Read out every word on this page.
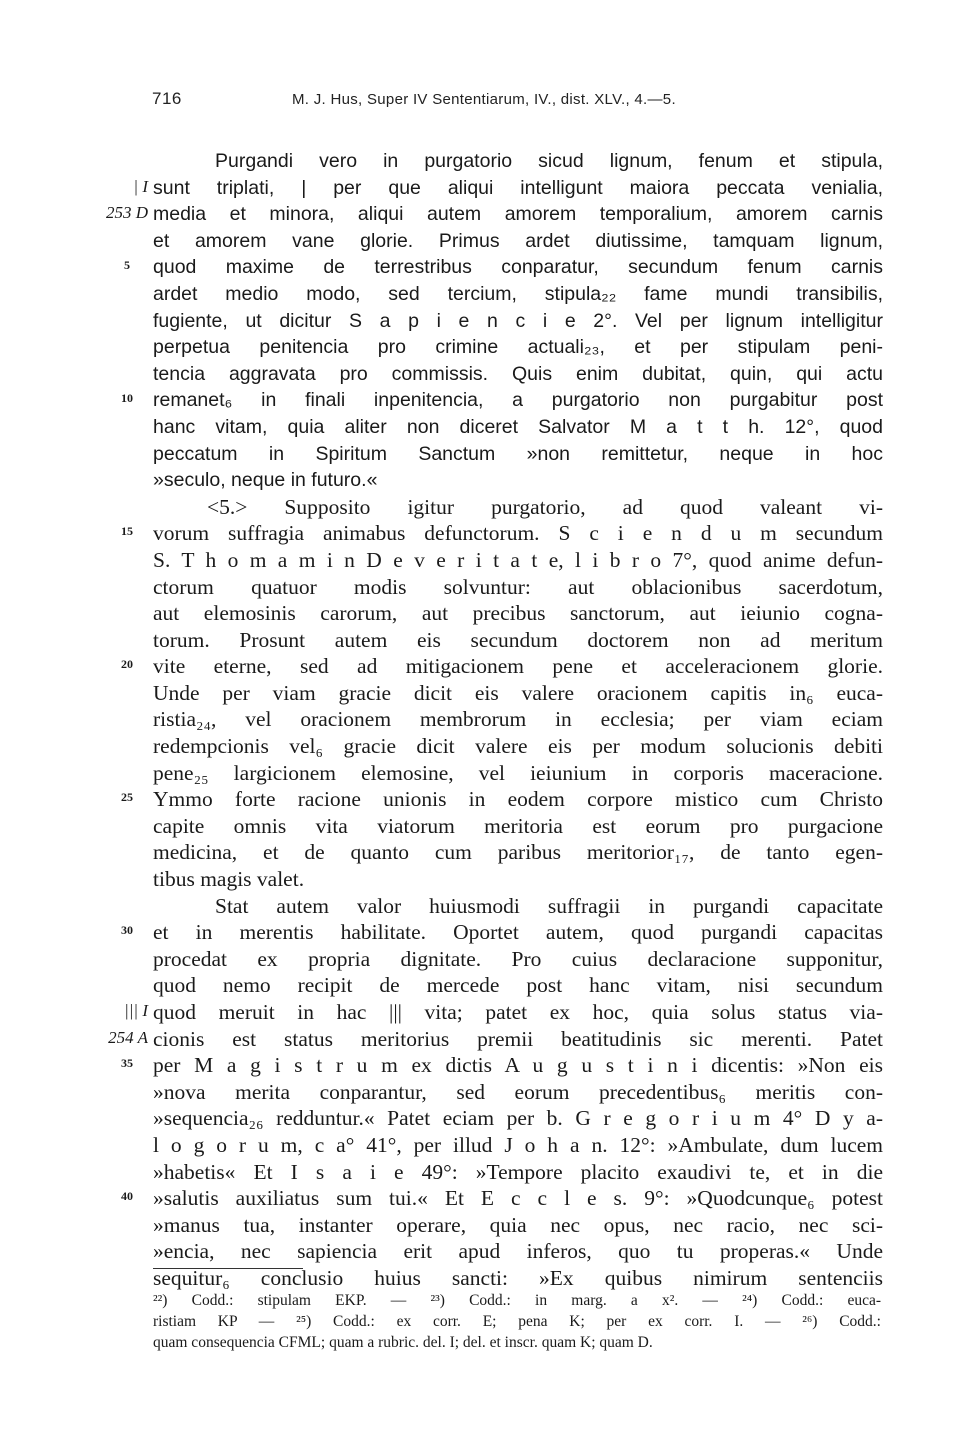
716	M. J. Hus, Super IV Sententiarum, IV., dist. XLV., 4.—5.
Purgandi vero in purgatorio sicud lignum, fenum et stipula,
| I sunt triplati, | per que aliqui intelligunt maiora peccata venialia,
253 D media et minora, aliqui autem amorem temporalium, amorem carnis
et amorem vane glorie. Primus ardet diutissime, tamquam lignum,
5	quod maxime de terrestribus conparatur, secundum fenum carnis
ardet medio modo, sed tercium, stipula₂₂ fame mundi transibilis,
fugiente, ut dicitur S a p i e n c i e 2°. Vel per lignum intelligitur
perpetua penitencia pro crimine actuali₂₃, et per stipulam peni-
tencia aggravata pro commissis. Quis enim dubitat, quin, qui actu
10	remanet₆ in finali inpenitencia, a purgatorio non purgabitur post
hanc vitam, quia aliter non diceret Salvator M a t t h. 12°, quod
peccatum in Spiritum Sanctum »non remittetur, neque in hoc
»seculo, neque in futuro.«
<5.> Supposito igitur purgatorio, ad quod valeant vi-
15 vorum suffragia animabus defunctorum. S c i e n d u m secundum
S. T h o m a m i n D e v e r i t a t e, l i b r o 7°, quod anime defun-
ctorum quatuor modis solvuntur: aut oblacionibus sacerdotum,
aut elemosinis carorum, aut precibus sanctorum, aut ieiunio cogna-
torum. Prosunt autem eis secundum doctorem non ad meritum
20 vite eterne, sed ad mitigacionem pene et acceleracionem glorie.
Unde per viam gracie dicit eis valere oracionem capitis in₆ euca-
ristia₂₄, vel oracionem membrorum in ecclesia; per viam eciam
redempcionis vel₆ gracie dicit valere eis per modum solucionis debiti
pene₂₅ largicionem elemosine, vel ieiunium in corporis maceracione.
25 Ymmo forte racione unionis in eodem corpore mistico cum Christo
capite omnis vita viatorum meritoria est eorum pro purgacione
medicina, et de quanto cum paribus meritorior₁₇, de tanto egen-
tibus magis valet.
Stat autem valor huiusmodi suffragii in purgandi capacitate
30 et in merentis habilitate. Oportet autem, quod purgandi capacitas
procedat ex propria dignitate. Pro cuius declaracione supponitur,
quod nemo recipit de mercede post hanc vitam, nisi secundum
||| I quod meruit in hac ||| vita; patet ex hoc, quia solus status via-
254 A cionis est status meritorius premii beatitudinis sic merenti. Patet
35 per M a g i s t r u m ex dictis A u g u s t i n i dicentis: »Non eis
»nova merita conparantur, sed eorum precedentibus₆ meritis con-
»sequencia₂₆ redduntur.« Patet eciam per b. G r e g o r i u m 4° D y a-
l o g o r u m, c a° 41°, per illud J o h a n. 12°: »Ambulate, dum lucem
»habetis« Et I s a i e 49°: »Tempore placito exaudivi te, et in die
40 »salutis auxiliatus sum tui.« Et E c c l e s. 9°: »Quodcunque₆ potest
»manus tua, instanter operare, quia nec opus, nec racio, nec sci-
»encia, nec sapiencia erit apud inferos, quo tu properas.« Unde
sequitur₆ conclusio huius sancti: »Ex quibus nimirum sentenciis
²²) Codd.: stipulam EKP. — ²³) Codd.: in marg. a x². — ²⁴) Codd.: euca-
ristiam KP — ²⁵) Codd.: ex corr. E; pena K; per ex corr. I. — ²⁶) Codd.:
quam consequencia CFML; quam a rubric. del. I; del. et inscr. quam K; quam D.
